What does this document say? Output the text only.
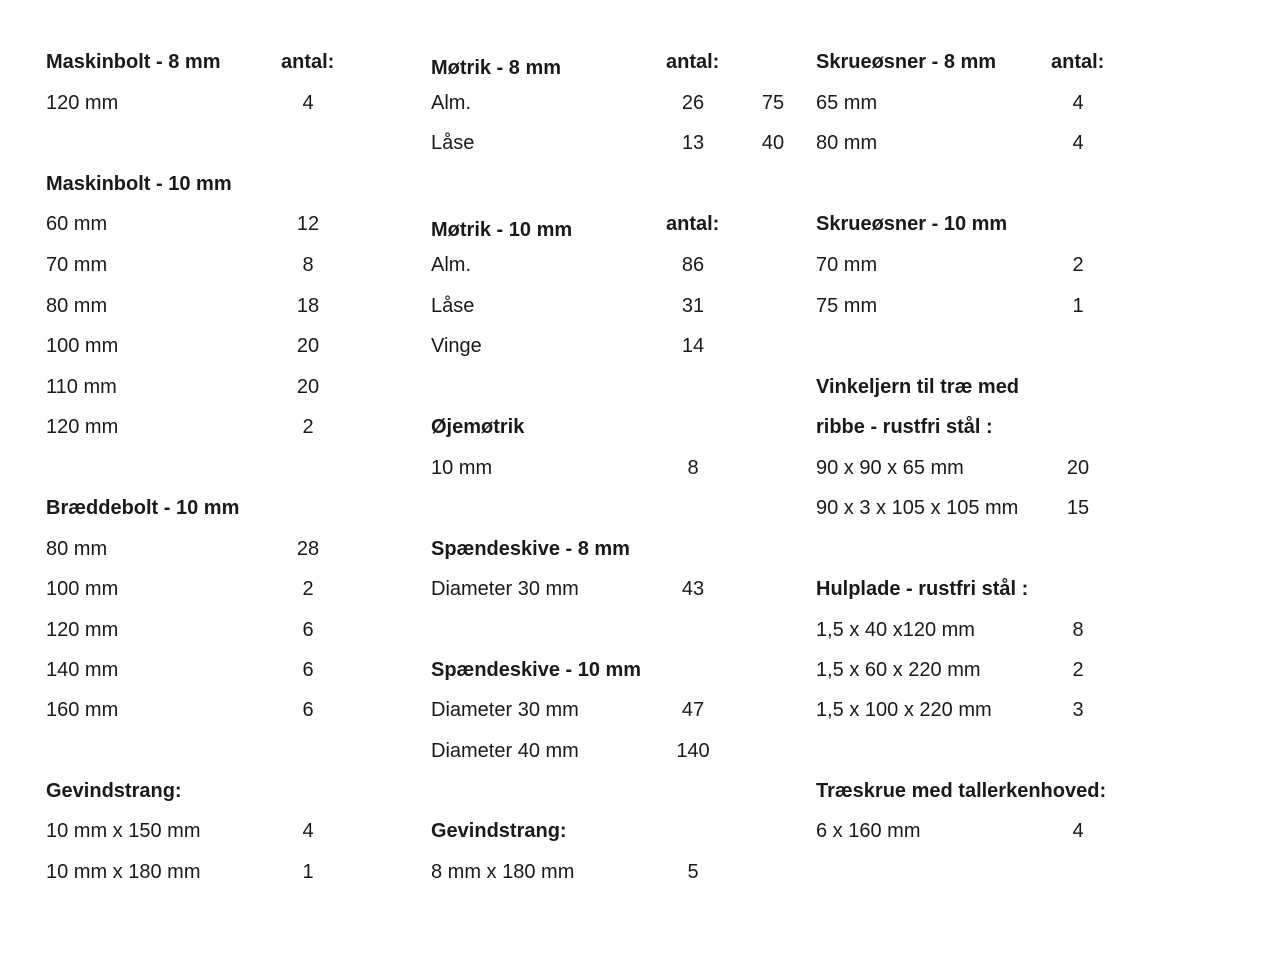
Maskinbolt - 8 mm	antal:
120 mm	4
Maskinbolt - 10 mm
60 mm	12
70 mm	8
80 mm	18
100 mm	20
110 mm	20
120 mm	2
Bræddebolt - 10 mm
80 mm	28
100 mm	2
120 mm	6
140 mm	6
160 mm	6
Gevindstrang:
10 mm x 150 mm	4
10 mm x 180 mm	1
Møtrik - 8 mm	antal:
Alm.	26	75
Låse	13	40
Møtrik - 10 mm	antal:
Alm.	86
Låse	31
Vinge	14
Øjemøtrik
10 mm	8
Spændeskive - 8 mm
Diameter 30 mm	43
Spændeskive - 10 mm
Diameter 30 mm	47
Diameter 40 mm	140
Gevindstrang:
8 mm x 180 mm	5
Skrueøsner - 8 mm	antal:
65 mm	4
80 mm	4
Skrueøsner - 10 mm
70 mm	2
75 mm	1
Vinkeljern til træ med
ribbe - rustfri stål :
90 x 90 x 65 mm	20
90 x 3 x 105 x 105 mm 15
Hulplade - rustfri stål :
1,5 x 40 x120 mm	8
1,5 x 60 x 220 mm	2
1,5 x 100 x 220 mm	3
Træskrue med tallerkenhoved:
6 x 160 mm	4
